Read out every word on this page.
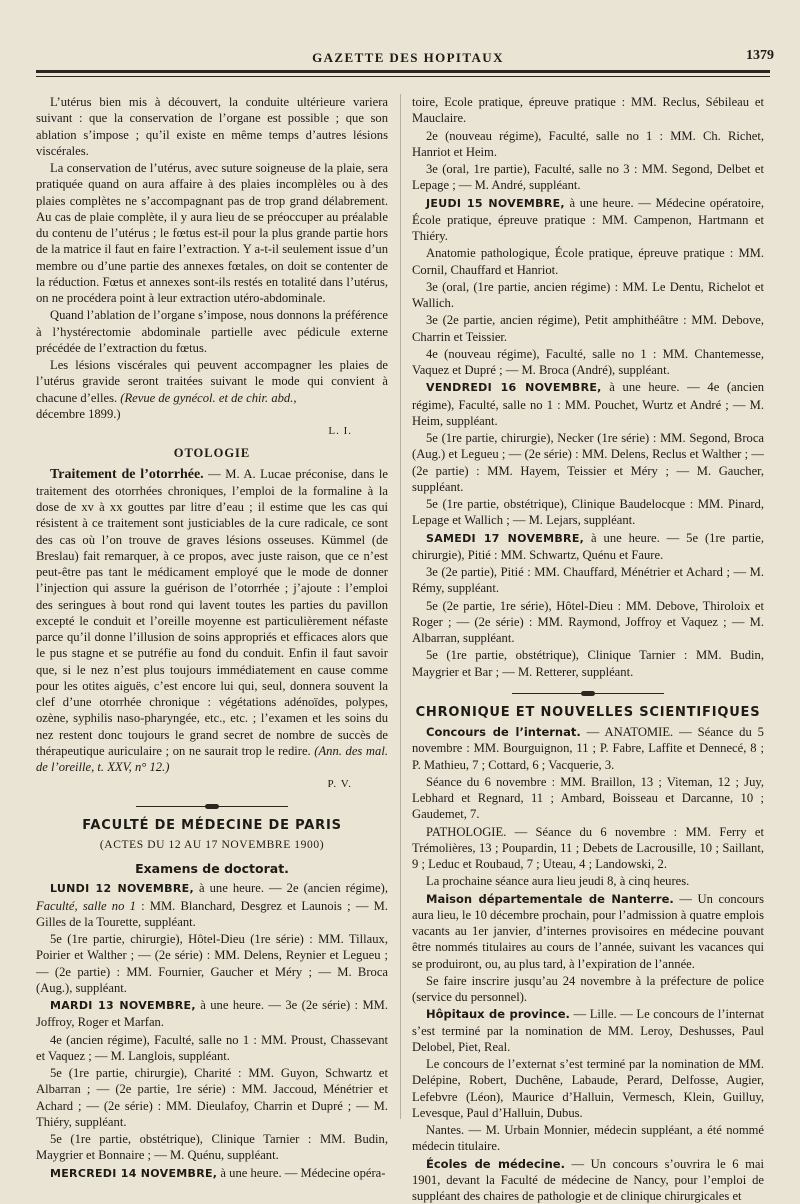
GAZETTE DES HOPITAUX	1379

L’utérus bien mis à découvert, la conduite ultérieure variera suivant : que la conservation de l’organe est possible ; que son ablation s’impose ; qu’il existe en même temps d’autres lésions viscérales.

La conservation de l’utérus, avec suture soigneuse de la plaie, sera pratiquée quand on aura affaire à des plaies incomplèles ou à des plaies complètes ne s’accompagnant pas de trop grand délabrement. Au cas de plaie complète, il y aura lieu de se préoccuper au préalable du contenu de l’utérus ; le fœtus est-il pour la plus grande partie hors de la matrice il faut en faire l’extraction. Y a-t-il seulement issue d’un membre ou d’une partie des annexes fœtales, on doit se contenter de la réduction. Fœtus et annexes sont-ils restés en totalité dans l’utérus, on ne procédera point à leur extraction utéro-abdominale.

Quand l’ablation de l’organe s’impose, nous donnons la préférence à l’hystérectomie abdominale partielle avec pédicule externe précédée de l’extraction du fœtus.

Les lésions viscérales qui peuvent accompagner les plaies de l’utérus gravide seront traitées suivant le mode qui convient à chacune d’elles. (Revue de gynécol. et de chir. abd.,
décembre 1899.)

L. I.

OTOLOGIE

Traitement de l’otorrhée. — M. A. Lucae préconise, dans le traitement des otorrhées chroniques, l’emploi de la formaline à la dose de xv à xx gouttes par litre d’eau ; il estime que les cas qui résistent à ce traitement sont justiciables de la cure radicale, ce sont des cas où l’on trouve de graves lésions osseuses. Kümmel (de Breslau) fait remarquer, à ce propos, avec juste raison, que ce n’est peut-être pas tant le médicament employé que le mode de donner l’injection qui assure la guérison de l’otorrhée ; j’ajoute : l’emploi des seringues à bout rond qui lavent toutes les parties du pavillon excepté le conduit et l’oreille moyenne est particulièrement néfaste parce qu’il donne l’illusion de soins appropriés et efficaces alors que le pus stagne et se putréfie au fond du conduit. Enfin il faut savoir que, si le nez n’est plus toujours immédiatement en cause comme pour les otites aiguës, c’est encore lui qui, seul, donnera souvent la clef d’une otorrhée chronique : végétations adénoïdes, polypes, ozène, syphilis naso-pharyngée, etc., etc. ; l’examen et les soins du nez restent donc toujours le grand secret de nombre de succès de thérapeutique auriculaire ; on ne saurait trop le redire. (Ann. des mal. de l’oreille, t. XXV, n° 12.)

P. V.

FACULTÉ DE MÉDECINE DE PARIS
(ACTES DU 12 AU 17 NOVEMBRE 1900)
Examens de doctorat.

LUNDI 12 NOVEMBRE, à une heure. — 2e (ancien régime), Faculté, salle no 1 : MM. Blanchard, Desgrez et Launois ; — M. Gilles de la Tourette, suppléant.

5e (1re partie, chirurgie), Hôtel-Dieu (1re série) : MM. Tillaux, Poirier et Walther ; — (2e série) : MM. Delens, Reynier et Legueu ; — (2e partie) : MM. Fournier, Gaucher et Méry ; — M. Broca (Aug.), suppléant.

MARDI 13 NOVEMBRE, à une heure. — 3e (2e série) : MM. Joffroy, Roger et Marfan.

4e (ancien régime), Faculté, salle no 1 : MM. Proust, Chassevant et Vaquez ; — M. Langlois, suppléant.

5e (1re partie, chirurgie), Charité : MM. Guyon, Schwartz et Albarran ; — (2e partie, 1re série) : MM. Jaccoud, Ménétrier et Achard ; — (2e série) : MM. Dieulafoy, Charrin et Dupré ; — M. Thiéry, suppléant.

5e (1re partie, obstétrique), Clinique Tarnier : MM. Budin, Maygrier et Bonnaire ; — M. Quénu, suppléant.

MERCREDI 14 NOVEMBRE, à une heure. — Médecine opéra-

toire, Ecole pratique, épreuve pratique : MM. Reclus, Sébileau et Mauclaire.

2e (nouveau régime), Faculté, salle no 1 : MM. Ch. Richet, Hanriot et Heim.

3e (oral, 1re partie), Faculté, salle no 3 : MM. Segond, Delbet et Lepage ; — M. André, suppléant.

JEUDI 15 NOVEMBRE, à une heure. — Médecine opératoire, École pratique, épreuve pratique : MM. Campenon, Hartmann et Thiéry.

Anatomie pathologique, École pratique, épreuve pratique : MM. Cornil, Chauffard et Hanriot.

3e (oral, (1re partie, ancien régime) : MM. Le Dentu, Richelot et Wallich.

3e (2e partie, ancien régime), Petit amphithéâtre : MM. Debove, Charrin et Teissier.

4e (nouveau régime), Faculté, salle no 1 : MM. Chantemesse, Vaquez et Dupré ; — M. Broca (André), suppléant.

VENDREDI 16 NOVEMBRE, à une heure. — 4e (ancien régime), Faculté, salle no 1 : MM. Pouchet, Wurtz et André ; — M. Heim, suppléant.

5e (1re partie, chirurgie), Necker (1re série) : MM. Segond, Broca (Aug.) et Legueu ; — (2e série) : MM. Delens, Reclus et Walther ; — (2e partie) : MM. Hayem, Teissier et Méry ; — M. Gaucher, suppléant.

5e (1re partie, obstétrique), Clinique Baudelocque : MM. Pinard, Lepage et Wallich ; — M. Lejars, suppléant.

SAMEDI 17 NOVEMBRE, à une heure. — 5e (1re partie, chirurgie), Pitié : MM. Schwartz, Quénu et Faure.

3e (2e partie), Pitié : MM. Chauffard, Ménétrier et Achard ; — M. Rémy, suppléant.

5e (2e partie, 1re série), Hôtel-Dieu : MM. Debove, Thiroloix et Roger ; — (2e série) : MM. Raymond, Joffroy et Vaquez ; — M. Albarran, suppléant.

5e (1re partie, obstétrique), Clinique Tarnier : MM. Budin, Maygrier et Bar ; — M. Retterer, suppléant.

CHRONIQUE ET NOUVELLES SCIENTIFIQUES

Concours de l’internat. — ANATOMIE. — Séance du 5 novembre : MM. Bourguignon, 11 ; P. Fabre, Laffite et Dennecé, 8 ; P. Mathieu, 7 ; Cottard, 6 ; Vacquerie, 3.

Séance du 6 novembre : MM. Braillon, 13 ; Viteman, 12 ; Juy, Lebhard et Regnard, 11 ; Ambard, Boisseau et Darcanne, 10 ; Gaudemet, 7.

PATHOLOGIE. — Séance du 6 novembre : MM. Ferry et Trémolières, 13 ; Poupardin, 11 ; Debets de Lacrousille, 10 ; Saillant, 9 ; Leduc et Roubaud, 7 ; Uteau, 4 ; Landowski, 2.

La prochaine séance aura lieu jeudi 8, à cinq heures.

Maison départementale de Nanterre. — Un concours aura lieu, le 10 décembre prochain, pour l’admission à quatre emplois vacants au 1er janvier, d’internes provisoires en médecine pouvant être nommés titulaires au cours de l’année, suivant les vacances qui se produiront, ou, au plus tard, à l’expiration de l’année.

Se faire inscrire jusqu’au 24 novembre à la préfecture de police (service du personnel).

Hôpitaux de province. — Lille. — Le concours de l’internat s’est terminé par la nomination de MM. Leroy, Deshusses, Paul Delobel, Piet, Real.

Le concours de l’externat s’est terminé par la nomination de MM. Delépine, Robert, Duchêne, Labaude, Perard, Delfosse, Augier, Lefebvre (Léon), Maurice d’Halluin, Vermesch, Klein, Guilluy, Levesque, Paul d’Halluin, Dubus.

Nantes. — M. Urbain Monnier, médecin suppléant, a été nommé médecin titulaire.

Écoles de médecine. — Un concours s’ouvrira le 6 mai 1901, devant la Faculté de médecine de Nancy, pour l’emploi de suppléant des chaires de pathologie et de clinique chirurgicales et
